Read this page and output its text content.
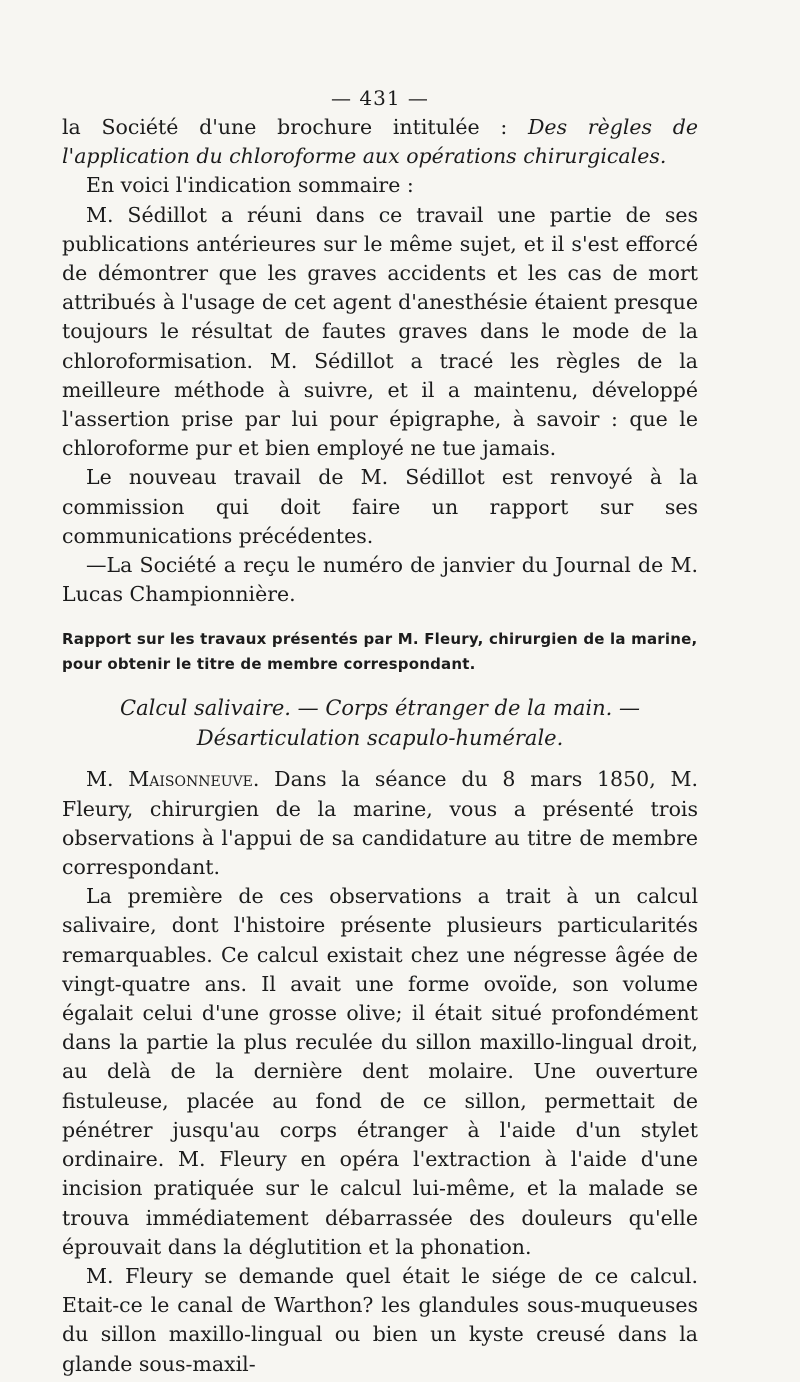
— 431 —

la Société d'une brochure intitulée : Des règles de l'application du chloroforme aux opérations chirurgicales.

En voici l'indication sommaire :

M. Sédillot a réuni dans ce travail une partie de ses publications antérieures sur le même sujet, et il s'est efforcé de démontrer que les graves accidents et les cas de mort attribués à l'usage de cet agent d'anesthésie étaient presque toujours le résultat de fautes graves dans le mode de la chloroformisation. M. Sédillot a tracé les règles de la meilleure méthode à suivre, et il a maintenu, développé l'assertion prise par lui pour épigraphe, à savoir : que le chloroforme pur et bien employé ne tue jamais.

Le nouveau travail de M. Sédillot est renvoyé à la commission qui doit faire un rapport sur ses communications précédentes.

—La Société a reçu le numéro de janvier du Journal de M. Lucas Championnière.

Rapport sur les travaux présentés par M. Fleury, chirurgien de la marine, pour obtenir le titre de membre correspondant.

Calcul salivaire. — Corps étranger de la main. — Désarticulation scapulo-humérale.

M. Maisonneuve. Dans la séance du 8 mars 1850, M. Fleury, chirurgien de la marine, vous a présenté trois observations à l'appui de sa candidature au titre de membre correspondant.

La première de ces observations a trait à un calcul salivaire, dont l'histoire présente plusieurs particularités remarquables. Ce calcul existait chez une négresse âgée de vingt-quatre ans. Il avait une forme ovoïde, son volume égalait celui d'une grosse olive; il était situé profondément dans la partie la plus reculée du sillon maxillo-lingual droit, au delà de la dernière dent molaire. Une ouverture fistuleuse, placée au fond de ce sillon, permettait de pénétrer jusqu'au corps étranger à l'aide d'un stylet ordinaire. M. Fleury en opéra l'extraction à l'aide d'une incision pratiquée sur le calcul lui-même, et la malade se trouva immédiatement débarrassée des douleurs qu'elle éprouvait dans la déglutition et la phonation.

M. Fleury se demande quel était le siége de ce calcul. Etait-ce le canal de Warthon? les glandules sous-muqueuses du sillon maxillo-lingual ou bien un kyste creusé dans la glande sous-maxil-
